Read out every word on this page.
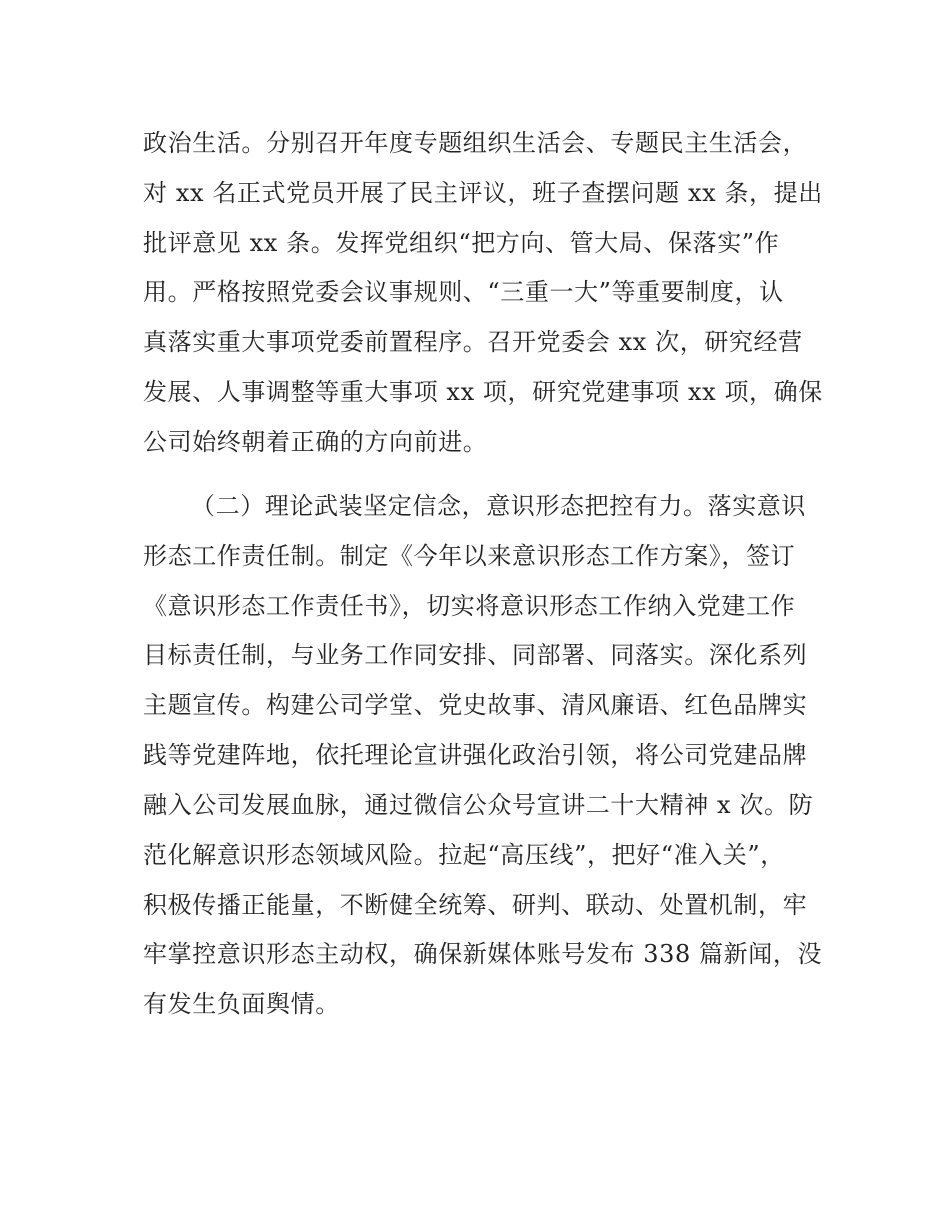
政治生活。分别召开年度专题组织生活会、专题民主生活会，
对 xx 名正式党员开展了民主评议，班子查摆问题 xx 条，提出
批评意见 xx 条。发挥党组织“把方向、管大局、保落实”作
用。严格按照党委会议事规则、“三重一大”等重要制度，认
真落实重大事项党委前置程序。召开党委会 xx 次，研究经营
发展、人事调整等重大事项 xx 项，研究党建事项 xx 项，确保
公司始终朝着正确的方向前进。
（二）理论武装坚定信念，意识形态把控有力。落实意识
形态工作责任制。制定《今年以来意识形态工作方案》，签订
《意识形态工作责任书》，切实将意识形态工作纳入党建工作
目标责任制，与业务工作同安排、同部署、同落实。深化系列
主题宣传。构建公司学堂、党史故事、清风廉语、红色品牌实
践等党建阵地，依托理论宣讲强化政治引领，将公司党建品牌
融入公司发展血脉，通过微信公众号宣讲二十大精神 x 次。防
范化解意识形态领域风险。拉起“高压线”，把好“准入关”，
积极传播正能量，不断健全统筹、研判、联动、处置机制，牢
牢掌控意识形态主动权，确保新媒体账号发布 338 篇新闻，没
有发生负面舆情。
